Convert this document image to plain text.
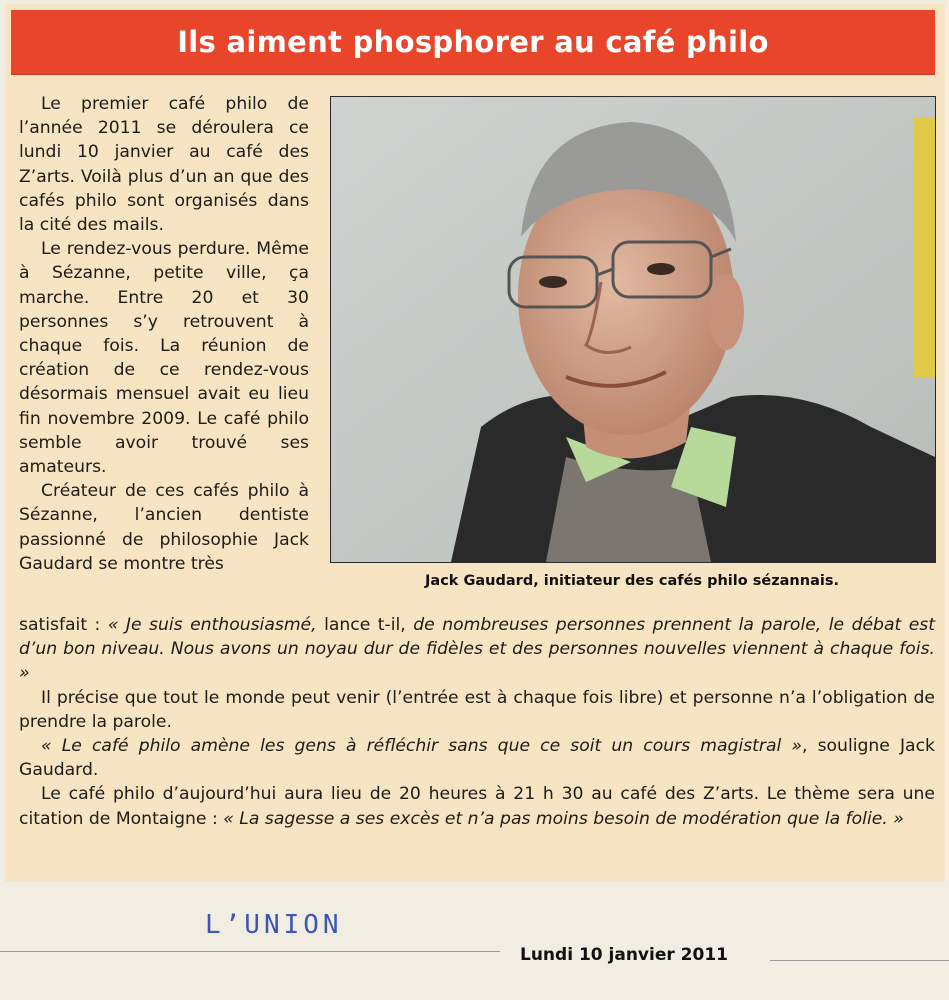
Ils aiment phosphorer au café philo

Le premier café philo de l’année 2011 se déroulera ce lundi 10 janvier au café des Z’arts. Voilà plus d’un an que des cafés philo sont organisés dans la cité des mails.

Le rendez-vous perdure. Même à Sézanne, petite ville, ça marche. Entre 20 et 30 personnes s’y retrouvent à chaque fois. La réunion de création de ce rendez-vous désormais mensuel avait eu lieu fin novembre 2009. Le café philo semble avoir trouvé ses amateurs.

Créateur de ces cafés philo à Sézanne, l’ancien dentiste passionné de philosophie Jack Gaudard se montre très

Jack Gaudard, initiateur des cafés philo sézannais.

satisfait : « Je suis enthousiasmé, lance t-il, de nombreuses personnes prennent la parole, le débat est d’un bon niveau. Nous avons un noyau dur de fidèles et des personnes nouvelles viennent à chaque fois. »

Il précise que tout le monde peut venir (l’entrée est à chaque fois libre) et personne n’a l’obligation de prendre la parole.

« Le café philo amène les gens à réfléchir sans que ce soit un cours magistral », souligne Jack Gaudard.

Le café philo d’aujourd’hui aura lieu de 20 heures à 21 h 30 au café des Z’arts. Le thème sera une citation de Montaigne : « La sagesse a ses excès et n’a pas moins besoin de modération que la folie. »

L’UNION
Lundi 10 janvier 2011
